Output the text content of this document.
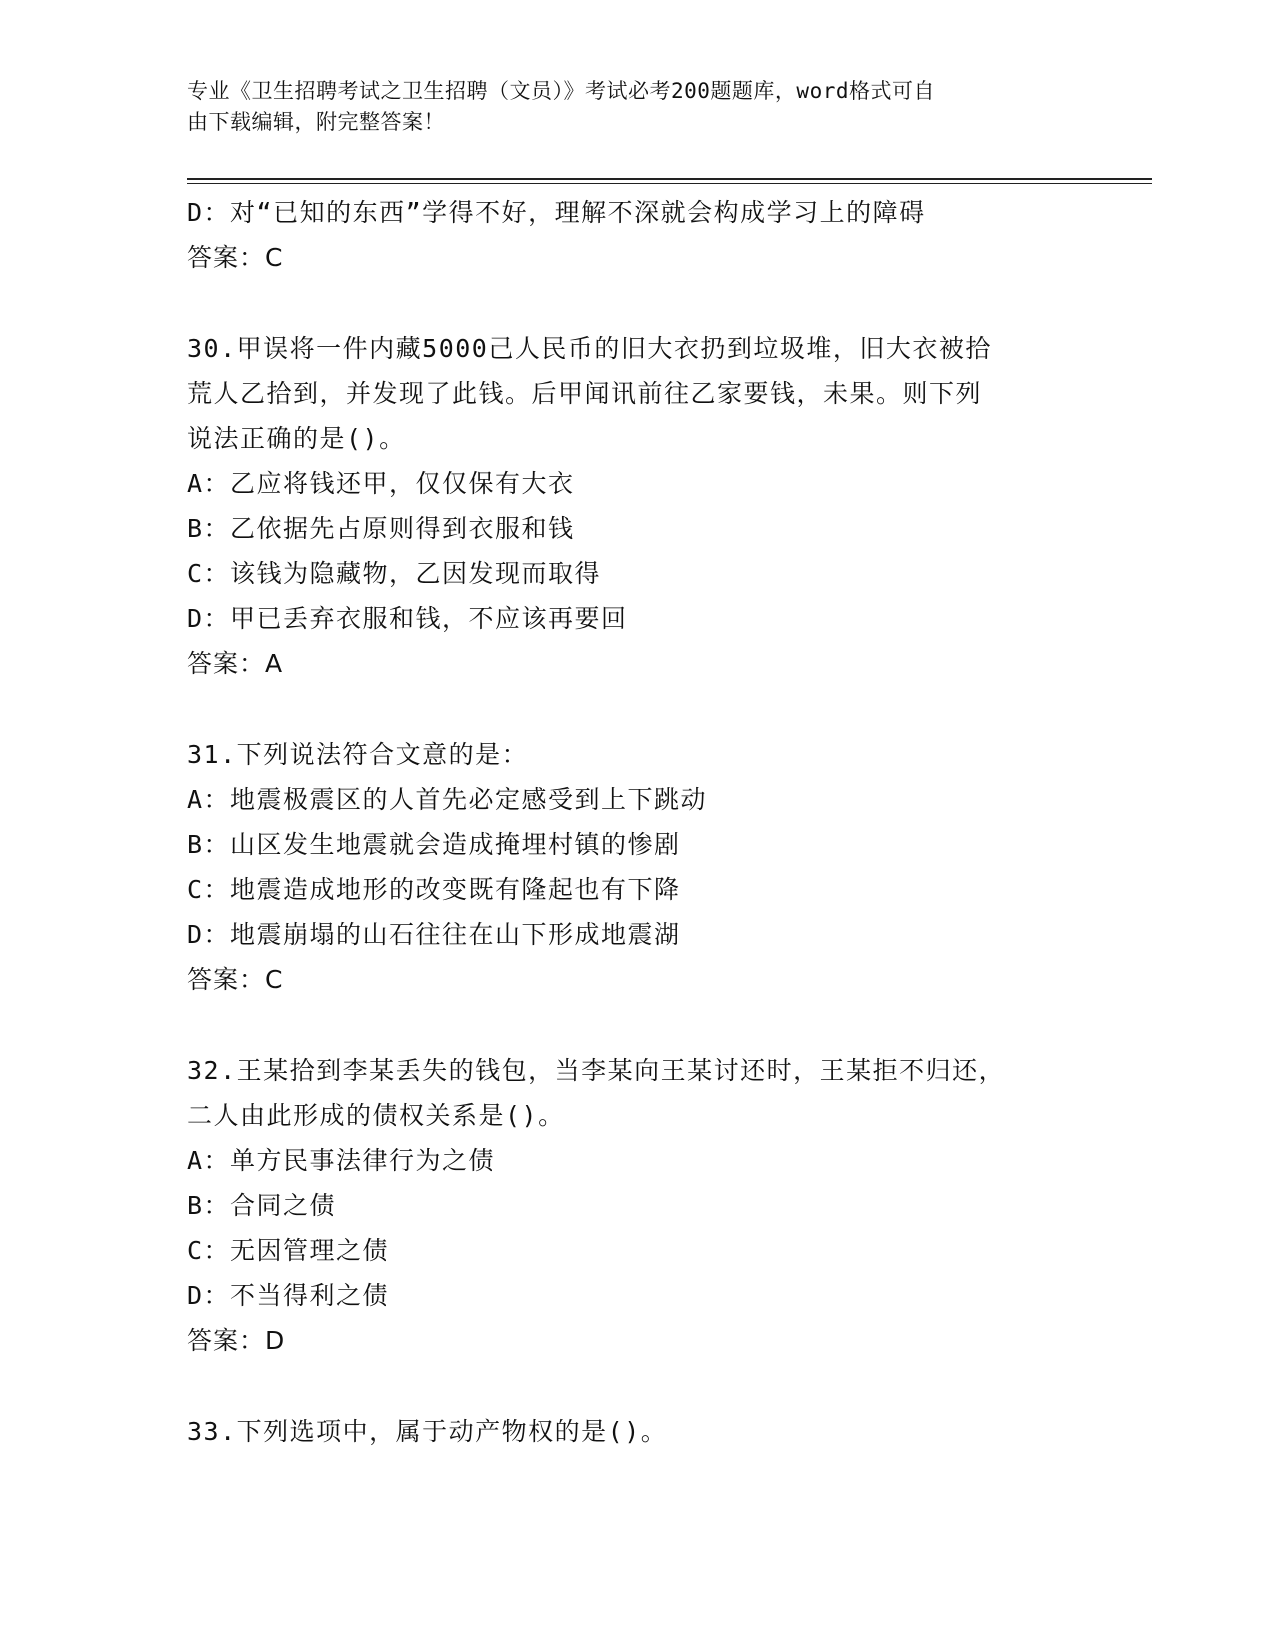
专业《卫生招聘考试之卫生招聘（文员）》考试必考200题题库，word格式可自
由下载编辑，附完整答案！
D：对“已知的东西”学得不好，理解不深就会构成学习上的障碍
答案：C
30.甲误将一件内藏5000己人民币的旧大衣扔到垃圾堆，旧大衣被拾
荒人乙拾到，并发现了此钱。后甲闻讯前往乙家要钱，未果。则下列
说法正确的是()。
A：乙应将钱还甲，仅仅保有大衣
B：乙依据先占原则得到衣服和钱
C：该钱为隐藏物，乙因发现而取得
D：甲已丢弃衣服和钱，不应该再要回
答案：A
31.下列说法符合文意的是：
A：地震极震区的人首先必定感受到上下跳动
B：山区发生地震就会造成掩埋村镇的惨剧
C：地震造成地形的改变既有隆起也有下降
D：地震崩塌的山石往往在山下形成地震湖
答案：C
32.王某拾到李某丢失的钱包，当李某向王某讨还时，王某拒不归还，
二人由此形成的债权关系是()。
A：单方民事法律行为之债
B：合同之债
C：无因管理之债
D：不当得利之债
答案：D
33.下列选项中，属于动产物权的是()。
